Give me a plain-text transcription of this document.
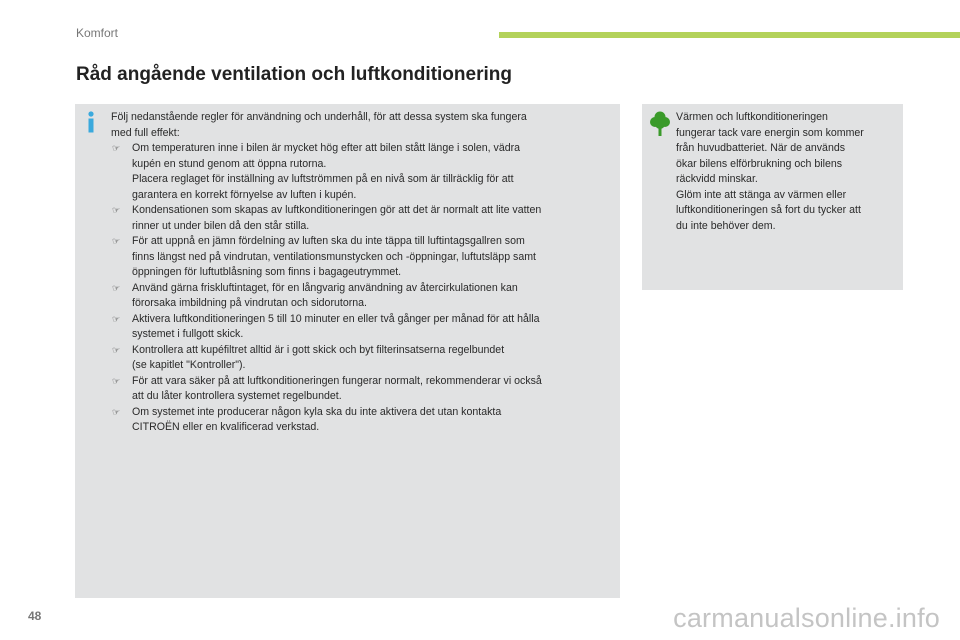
Komfort
Råd angående ventilation och luftkonditionering

Följ nedanstående regler för användning och underhåll, för att dessa system ska fungera
med full effekt:

☞ Om temperaturen inne i bilen är mycket hög efter att bilen stått länge i solen, vädra
kupén en stund genom att öppna rutorna.
Placera reglaget för inställning av luftströmmen på en nivå som är tillräcklig för att
garantera en korrekt förnyelse av luften i kupén.
☞ Kondensationen som skapas av luftkonditioneringen gör att det är normalt att lite vatten
rinner ut under bilen då den står stilla.
☞ För att uppnå en jämn fördelning av luften ska du inte täppa till luftintagsgallren som
finns längst ned på vindrutan, ventilationsmunstycken och -öppningar, luftutsläpp samt
öppningen för luftutblåsning som finns i bagageutrymmet.
☞ Använd gärna friskluftintaget, för en långvarig användning av återcirkulationen kan
förorsaka imbildning på vindrutan och sidorutorna.
☞ Aktivera luftkonditioneringen 5 till 10 minuter en eller två gånger per månad för att hålla
systemet i fullgott skick.
☞ Kontrollera att kupéfiltret alltid är i gott skick och byt filterinsatserna regelbundet
(se kapitlet "Kontroller").
☞ För att vara säker på att luftkonditioneringen fungerar normalt, rekommenderar vi också
att du låter kontrollera systemet regelbundet.
☞ Om systemet inte producerar någon kyla ska du inte aktivera det utan kontakta
CITROËN eller en kvalificerad verkstad.
Värmen och luftkonditioneringen
fungerar tack vare energin som kommer
från huvudbatteriet. När de används
ökar bilens elförbrukning och bilens
räckvidd minskar.
Glöm inte att stänga av värmen eller
luftkonditioneringen så fort du tycker att
du inte behöver dem.
48	carmanualsonline.info
